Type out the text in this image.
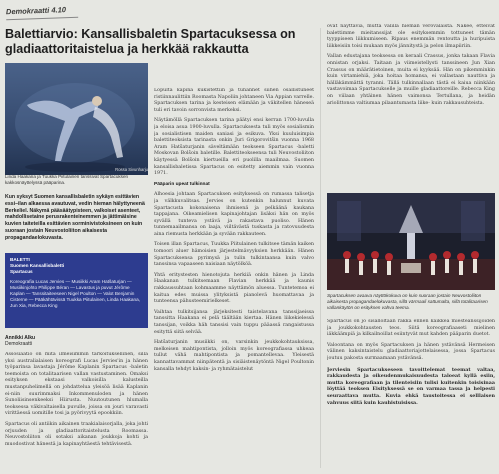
Demokraatti 4.10
Balettiarvio: Kansallisbaletin Spartacuksessa on gladiaattoritaistelua ja herkkää rakkautta
Rossa Sivunharju
Linda Haakana ja Tuukka Piitulainen tanssivat Spartacuksen kakkosnäyttelyssä pääparina.
Kun syksyt Suomen kansallisbaletin sykäyn esittävien essi–ilan alkaessa avautuvat, vedin hieman hälyttyneenä Berkeliel. Näkymä pääsäätypisteen, valkoiset asenteet, mahdollisetaine perusrakenteinemmen ja jättimäisine kuvien taiteteilla esittävien sorminivistoksineen on kuin suoraan jostain Neuvostoliiton aikaisesta propagandaelokuvasta.
BALETTI
Suomen Kansallisbaletti
Spartacus
Koreografia Lucas Jervies — Musiikki Aram Hatšaturjan — Musiikinjohto Philippe Béran — Lavastus ja puvut Jérôme Kaplan — Tanssitaiteeseen Nigel Poulton — Valot Benjamin Cisterne — Pääkähtävissä Tuukka Piitulainen, Linda Haakana, Jun Xia, Rebecca King
Annikki Alku
Demokraatti

Assosiaatio on mitä ilmeisimmin tarkoituksellinen, sillä yksi australialaisen koreografi Lucas Jervies'in ja hänen työparinsa lavastaja Jérôme Kaplanin Spartacus -baletin teemoista on totalitaarisen vallan vastustaminen. Omaksi esityksen ekstaasi valkoisilla kalusteilla mustanpuhelimellä on johdattelua yleisöä lisää Kaplanin ei-niin suurimmaksi Inkommenuloden ja hänen Sunoliisinsenkeeksi Hiirusta. Nuutoutunen hlumalla teoksessa väkivaltaisella puvulle, joissa on jouri varavasti virittäessä uomitille tosi ja pyörivyytä epookkiin.

Spartacus oli antiikin aikainen traakialaisorjalla, joka johti orjuuden ja gladiaattoritaistelusta Roomassa. Neuvostoliiton oli sotaksi aikanan joukkoja kohti ja muodostivat hänestä ja kapinayhtäestä tehtävisestä.

Lopulta kapina kukistettiin ja tuhannet siihen osallistuneet ristiinnaulittiin Roomasta Napoliin johtaneen Via Appian varrelle. Spartacuksen tarina ja kesteisen elämään ja väkitellen häneseä tuli eri tavoin sorronvista merkeksi.

Näytämöllä Spartacuksen tarina päätyi ensi kerran 1700-luvulla ja eloisa asua 1900-luvulla. Spartacuksesta tuli myös sosialismin ja sosialistisen maiden saniasi ja esikuva. Yksi kuuluisimpia balettiteoksista tarinasta onkin Juri Grigorovitšin vuonna 1968 Aram Hatšaturjanin säveltämään teokseen Spartacus -baletti Moskovan Bolšoin baletille. Balettiteokseensa tuli Neuvostoliiton käytyessä Bolšoin kiertueilla eri puolilla maailmaa. Suomen kansallisbaletissa Spartacus on esitetty aiemmin vain vuonna 1971.

Pääparin upeat tulkinnat

Alhoesia johtaan Spartacuksen esityksessä on rumassa talisetja ja välkkuvalitsas. Jervies on kutenkin halunnut kuvata Spartacusta kokonaisena ihmisenä ja pelkäänä kaukana tappajana. Oikeamielisen kapinajohtajan lisäksi hän on myös syvällä tunteva ystävä ja rakastava puoliso. Hänen tunnemaailmansa on laaja, viiltävästä tuskasta ja ratovuudesta aina riemusta herkkään ja syvään rakkauteen.

Toisen illan Spartacus, Tuukka Piitulainen tulkitsee tämän kaiken tomoori aluer hämoisien järjestelmävyyksien herkkään. Hänen Spartacuksensa pyrimysä ja tulin tulkintaansa kuin valvo tanssinsa vapaaseen naisiaan näytölköä.

Yhtä eritystesten hienotojuta herkiiä onkin hänen ja Linda Haakanan tulkitsemaan Flavian herkkää ja kaunis rakkaussuhtaan kohmaamme näyttämön aluessa. Tuntetemoa ei kaitua edes muissa ylityksistä pianolevä huomattavaa ja tunteensa pähusteemirielkeset.

Vaihtaa tulkitsijansa järjeksitesti taistelavana tanssijaeissa tanssitta Haakana ei pelä täältään kiertaa. Hänen liikekielessä tanssijan, voikka häh tanssisi vain tuppu pääassä rangaistussa esityttä siitä selvää.

Hatšaturjanin musiikki on, varsinkin jeukkokohtauksissa, melkeisen mahtipontista, jolloin myös koreografiassa uhkeaa tullut vähä mahtipontista ja pomantellevaa. Yleisestä kannattavammat niinpätentä ja sisiäistenäytöntä Nigel Poultonin kansalla tehdyt kaksin- ja ryhmätaistelut

ovat näyttäviä, mutta välillä hieman verovalaista. Näkee, etteivät balettimme mieitanssijat ole esityksemmin tottuneet tämän tyyppiseen liikkumiseen. Ripaus enemmän rentoutta ja huripuista liikkeisiin toisi mukaan myös jännitystä ja pelon ilmapiiriin.

Vallan edustajana teoksessa on keraali Crassus, jonka takaan Flavia onnistan orjaksi. Taitaan ja viimeistellysti tanssineen Jun Xian Crassus on määrätietoinen, muita ei kyyksää. Hän on pikemminkin kuin virtamiehiä, joka hoitaa homansa, ei vallastaan nauttiva ja hälläkämmättä tyranni. Tällä tulkinnallaan tästä ei kaiua niinkään vastavoimaa Spartacukselle ja muille gladiaattoreille. Rebecca King on viilaan yhtäinen hänen vaimonsa Tertullana, ja heidän ariolittonsa valtiumaa pilaantumasta liike- kuin rakkausuhteista.

Spartacuksen avaava näyttökokuva on kuin suoraan jostain Neuvostoliiton aikaisesta propagandaelokuvasta, sillä värmaali sattumalta, sillä totalitaarisen vallankäytön on esityksen vahva teema.

Spartacus on jo sisällöltään rakka ennen kaikkea miesteanssijoiden ja joukkokohtausten teos. Siitä koreografiaaseti mielinen iäkkäämpiä ja kilkailnoillat esiintyvät mut kahden pääparin duetot.

Valoontana on myös Spartacuksen ja hänen ystävänsä Hermeisen välinen kaksintaistelu gladiaattoriajottelaisessa, jossa Spartacus joutuu pakosta surmaamaan ystävänsä.

Jerviesin Spartacukseseen tavoittelemat teemat valtaa, rakkaudesta ja oikeudenmukaisuudesta taloeat kyllä esiin, mutta koreografiaan ja tilenteisiin tulisi kuitenkin toisisinaa löyttää teoksen Eisityksessä se on varmaa tassa ja helpesti seuraattava mutta. Kuvia ehkä taustoitessa ei selllaisen vahvuus siitä kuin kauhistuisissa.
